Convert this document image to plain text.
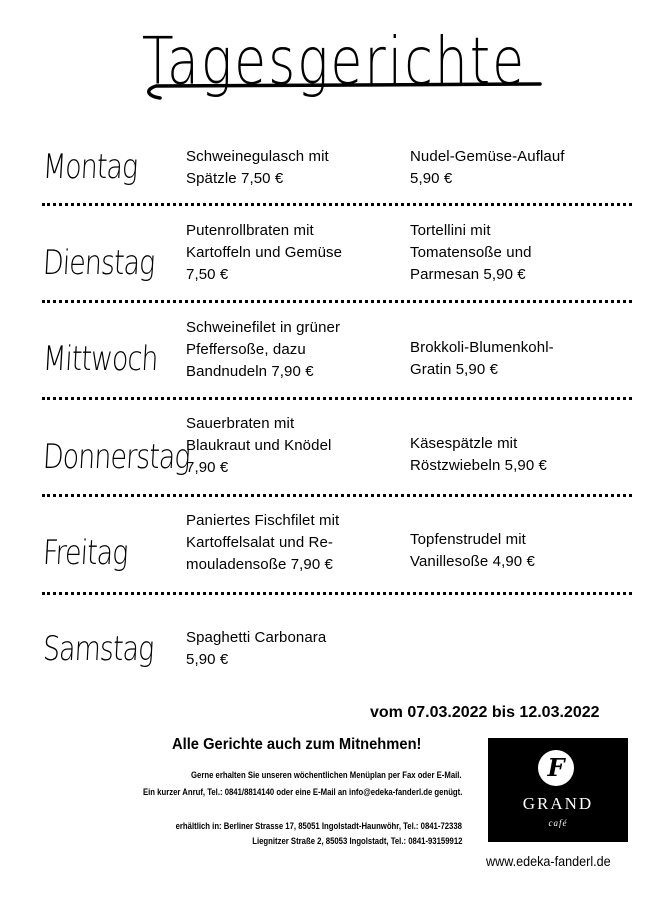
Tagesgerichte
Montag	Schweinegulasch mit
Spätzle 7,50 €
Nudel-Gemüse-Auflauf
5,90 €
Dienstag
Putenrollbraten mit
Kartoffeln und Gemüse
7,50 €
Tortellini mit
Tomatensoße und
Parmesan 5,90 €
Mittwoch
Schweinefilet in grüner
Pfeffersoße, dazu
Bandnudeln 7,90 €
Brokkoli-Blumenkohl-
Gratin 5,90 €
Donnerstag
Sauerbraten mit
Blaukraut und Knödel
7,90 €
Käsespätzle mit
Röstzwiebeln 5,90 €
Freitag
Paniertes Fischfilet mit
Kartoffelsalat und Re-
mouladensoße 7,90 €
Topfenstrudel mit
Vanillesoße 4,90 €
Samstag Spaghetti Carbonara
5,90 €
vom 07.03.2022 bis 12.03.2022
Alle Gerichte auch zum Mitnehmen!
Gerne erhalten Sie unseren wöchentlichen Menüplan per Fax oder E-Mail.
Ein kurzer Anruf, Tel.: 0841/8814140 oder eine E-Mail an info@edeka-fanderl.de genügt.
erhältlich in: Berliner Strasse 17, 85051 Ingolstadt-Haunwöhr, Tel.: 0841-72338
Liegnitzer Straße 2, 85053 Ingolstadt, Tel.: 0841-93159912
F
GRAND
café
www.edeka-fanderl.de
